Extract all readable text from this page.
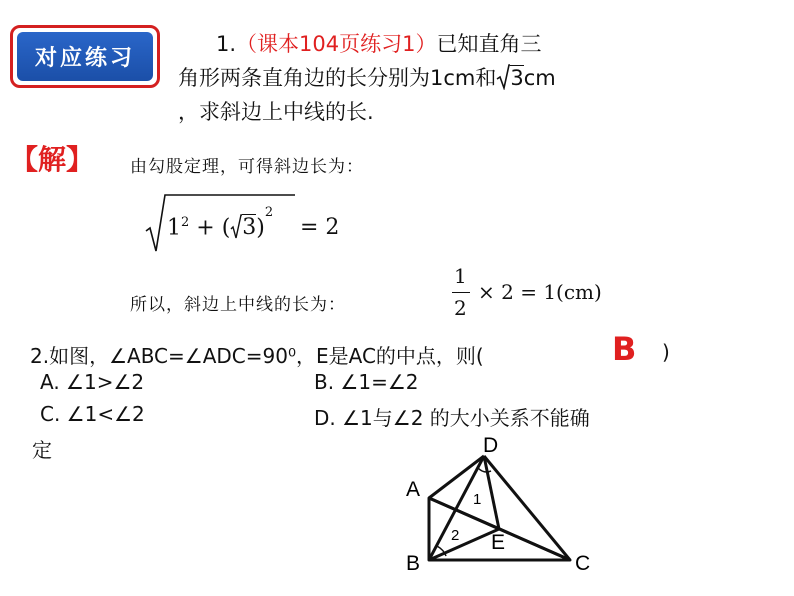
对应练习
1.（课本104页练习1）已知直角三
角形两条直角边的长分别为1cm和 3cm
，求斜边上中线的长.
【解】 由勾股定理，可得斜边长为：
$1^2$ + ( 3)$^2$
= 2
所以，斜边上中线的长为：
1
2
× 2 = 1(cm)
2.如图，∠ABC=∠ADC=90⁰，E是AC的中点，则(	B )
A. ∠1>∠2	B. ∠1=∠2
C. ∠1<∠2	D. ∠1与∠2 的大小关系不能确
定	D
A
B	C
E
1
2
